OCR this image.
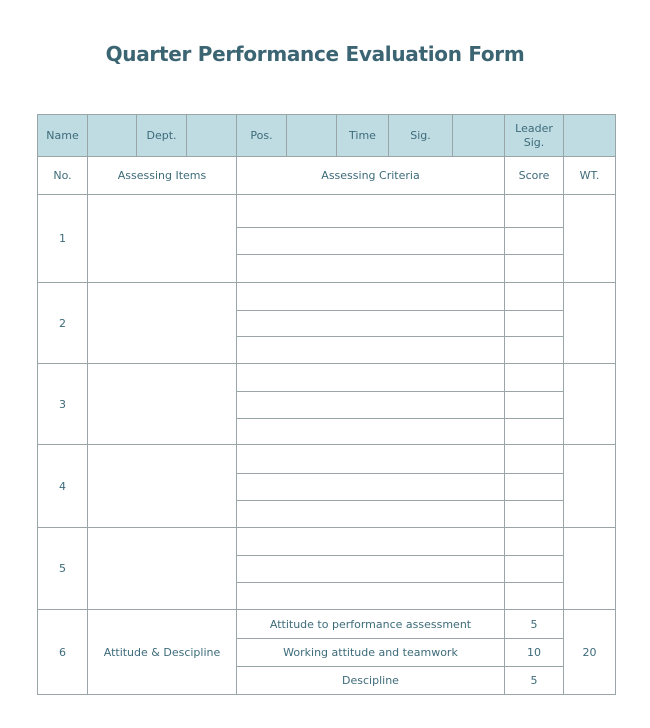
Quarter Performance Evaluation Form
Name		Dept.		Pos.		Time	Sig.		Leader
Sig.	

No.	Assessing Items			Assessing Criteria					Score	WT.
1										

2										

3										

4										

5										

6	Attitude & Descipline			Attitude to performance assessment					5	20
				Working attitude and teamwork					10	
				Descipline					5	
